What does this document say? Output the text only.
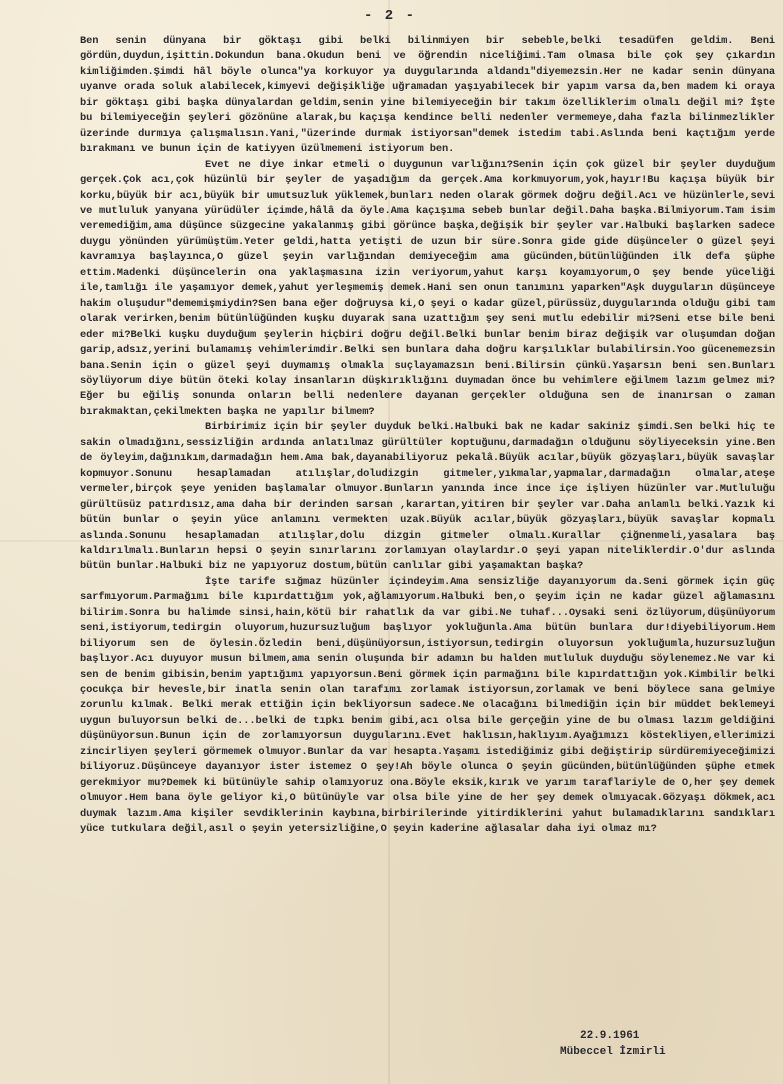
- 2 -

Ben senin dünyana bir göktaşı gibi belki bilinmiyen bir sebeble,belki tesadüfen geldim. Beni gördün,duydun,işittin.Dokundun bana.Okudun beni ve öğrendin niceliğimi.Tam olmasa bile çok şey çıkardın kimliğimden.Şimdi hâl böyle olunca"ya korkuyor ya duygularında aldandı"diyemezsin.Her ne kadar senin dünyana uyanve orada soluk alabilecek,kimyevi değişikliğe uğramadan yaşıyabilecek bir yapım varsa da,ben madem ki oraya bir göktaşı gibi başka dünyalardan geldim,senin yine bilemiyeceğin bir takım özelliklerim olmalı değil mi? İşte bu bilemiyeceğin şeyleri gözönüne alarak,bu kaçışa kendince belli nedenler vermemeye,daha fazla bilinmezlikler üzerinde durmıya çalışmalısın.Yani,"üzerinde durmak istiyorsan"demek istedim tabi.Aslında beni kaçtığım yerde bırakmanı ve bunun için de katiyyen üzülmemeni istiyorum ben.

Evet ne diye inkar etmeli o duygunun varlığını?Senin için çok güzel bir şeyler duyduğum gerçek.Çok acı,çok hüzünlü bir şeyler de yaşadığım da gerçek.Ama korkmuyorum,yok,hayır!Bu kaçışa büyük bir korku,büyük bir acı,büyük bir umutsuzluk yüklemek,bunları neden olarak görmek doğru değil.Acı ve hüzünlerle,sevi ve mutluluk yanyana yürüdüler içimde,hâlâ da öyle.Ama kaçışıma sebeb bunlar değil.Daha başka.Bilmiyorum.Tam isim veremediğim,ama düşünce süzgecine yakalanmış gibi görünce başka,değişik bir şeyler var.Halbuki başlarken sadece duygu yönünden yürümüştüm.Yeter geldi,hatta yetişti de uzun bir süre.Sonra gide gide düşünceler O güzel şeyi kavramıya başlayınca,O güzel şeyin varlığından demiyeceğim ama gücünden,bütünlüğünden ilk defa şüphe ettim.Madenki düşüncelerin ona yaklaşmasına izin veriyorum,yahut karşı koyamıyorum,O şey bende yüceliği ile,tamlığı ile yaşamıyor demek,yahut yerleşmemiş demek.Hani sen onun tanımını yaparken"Aşk duyguların düşünceye hakim oluşudur"dememişmiydin?Sen bana eğer doğruysa ki,O şeyi o kadar güzel,pürüssüz,duygularında olduğu gibi tam olarak verirken,benim bütünlüğünden kuşku duyarak sana uzattığım şey seni mutlu edebilir mi?Seni etse bile beni eder mi?Belki kuşku duyduğum şeylerin hiçbiri doğru değil.Belki bunlar benim biraz değişik var oluşumdan doğan garip,adsız,yerini bulamamış vehimlerimdir.Belki sen bunlara daha doğru karşılıklar bulabilirsin.Yoo gücenemezsin bana.Senin için o güzel şeyi duymamış olmakla suçlayamazsın beni.Bilirsin çünkü.Yaşarsın beni sen.Bunları söylüyorum diye bütün öteki kolay insanların düşkırıklığını duymadan önce bu vehimlere eğilmem lazım gelmez mi?Eğer bu eğiliş sonunda onların belli nedenlere dayanan gerçekler olduğuna sen de inanırsan o zaman bırakmaktan,çekilmekten başka ne yapılır bilmem?

Birbirimiz için bir şeyler duyduk belki.Halbuki bak ne kadar sakiniz şimdi.Sen belki hiç te sakin olmadığını,sessizliğin ardında anlatılmaz gürültüler koptuğunu,darmadağın olduğunu söyliyeceksin yine.Ben de öyleyim,dağınıkım,darmadağın hem.Ama bak,dayanabiliyoruz pekalâ.Büyük acılar,büyük gözyaşları,büyük savaşlar kopmuyor.Sonunu hesaplamadan atılışlar,doludizgin gitmeler,yıkmalar,yapmalar,darmadağın olmalar,ateşe vermeler,birçok şeye yeniden başlamalar olmuyor.Bunların yanında ince ince içe işliyen hüzünler var.Mutluluğu gürültüsüz patırdısız,ama daha bir derinden sarsan ,karartan,yitiren bir şeyler var.Daha anlamlı belki.Yazık ki bütün bunlar o şeyin yüce anlamını vermekten uzak.Büyük acılar,büyük gözyaşları,büyük savaşlar kopmalı aslında.Sonunu hesaplamadan atılışlar,dolu dizgin gitmeler olmalı.Kurallar çiğnenmeli,yasalara baş kaldırılmalı.Bunların hepsi O şeyin sınırlarını zorlamıyan olaylardır.O şeyi yapan niteliklerdir.O'dur aslında bütün bunlar.Halbuki biz ne yapıyoruz dostum,bütün canlılar gibi yaşamaktan başka?

İşte tarife sığmaz hüzünler içindeyim.Ama sensizliğe dayanıyorum da.Seni görmek için güç sarfmıyorum.Parmağımı bile kıpırdattığım yok,ağlamıyorum.Halbuki ben,o şeyim için ne kadar güzel ağlamasını bilirim.Sonra bu halimde sinsi,hain,kötü bir rahatlık da var gibi.Ne tuhaf...Oysaki seni özlüyorum,düşünüyorum seni,istiyorum,tedirgin oluyorum,huzursuzluğum başlıyor yokluğunla.Ama bütün bunlara dur!diyebiliyorum.Hem biliyorum sen de öylesin.Özledin beni,düşünüyorsun,istiyorsun,tedirgin oluyorsun yokluğumla,huzursuzluğun başlıyor.Acı duyuyor musun bilmem,ama senin oluşunda bir adamın bu halden mutluluk duyduğu söylenemez.Ne var ki sen de benim gibisin,benim yaptığımı yapıyorsun.Beni görmek için parmağını bile kıpırdattığın yok.Kimbilir belki çocukça bir hevesle,bir inatla senin olan tarafımı zorlamak istiyorsun,zorlamak ve beni böylece sana gelmiye zorunlu kılmak. Belki merak ettiğin için bekliyorsun sadece.Ne olacağını bilmediğin için bir müddet beklemeyi uygun buluyorsun belki de...belki de tıpkı benim gibi,acı olsa bile gerçeğin yine de bu olması lazım geldiğini düşünüyorsun.Bunun için de zorlamıyorsun duygularını.Evet haklısın,haklıyım.Ayağımızı köstekliyen,ellerimizi zincirliyen şeyleri görmemek olmuyor.Bunlar da var hesapta.Yaşamı istediğimiz gibi değiştirip sürdüremiyeceğimizi biliyoruz.Düşünceye dayanıyor ister istemez O şey!Ah böyle olunca O şeyin gücünden,bütünlüğünden şüphe etmek gerekmiyor mu?Demek ki bütünüyle sahip olamıyoruz ona.Böyle eksik,kırık ve yarım taraflariyle de O,her şey demek olmuyor.Hem bana öyle geliyor ki,O bütünüyle var olsa bile yine de her şey demek olmıyacak.Gözyaşı dökmek,acı duymak lazım.Ama kişiler sevdiklerinin kaybına,birbirilerinde yitirdiklerini yahut bulamadıklarını sandıkları yüce tutkulara değil,asıl o şeyin yetersizliğine,O şeyin kaderine ağlasalar daha iyi olmaz mı?

22.9.1961
Mübeccel İzmirli
